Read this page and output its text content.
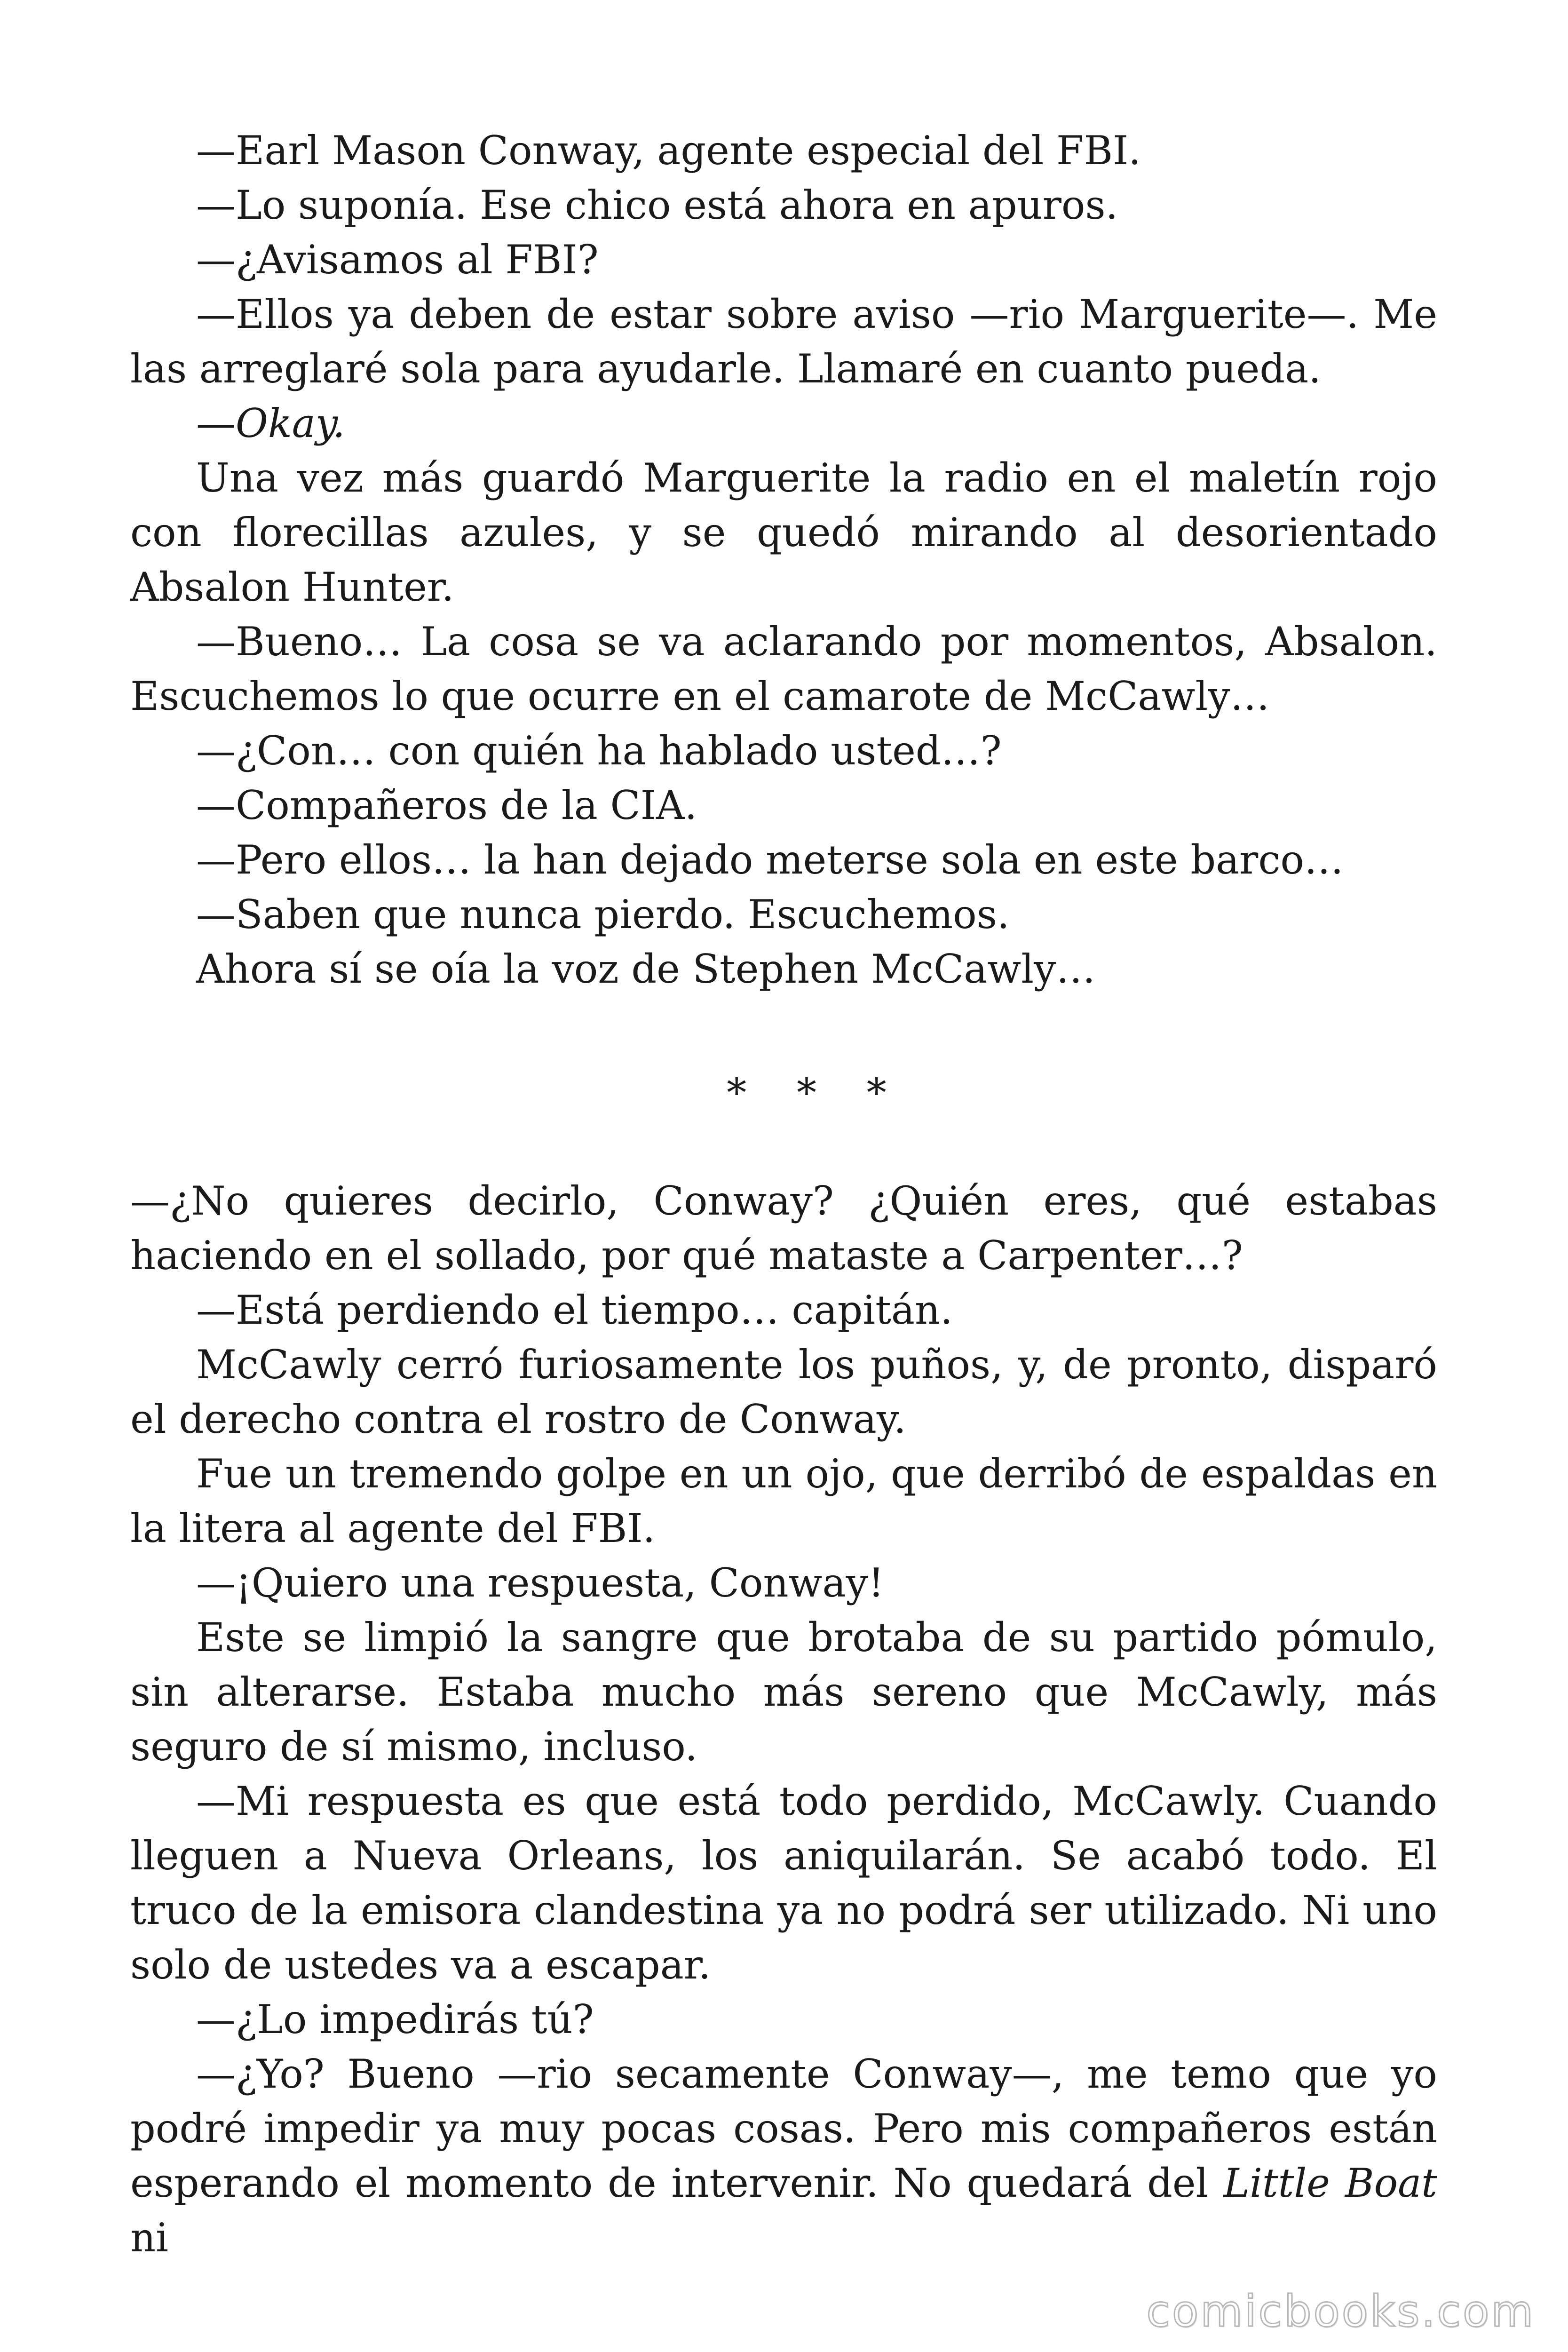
—Earl Mason Conway, agente especial del FBI.

—Lo suponía. Ese chico está ahora en apuros.

—¿Avisamos al FBI?

—Ellos ya deben de estar sobre aviso —rio Marguerite—. Me las arreglaré sola para ayudarle. Llamaré en cuanto pueda.

—Okay.

Una vez más guardó Marguerite la radio en el maletín rojo con florecillas azules, y se quedó mirando al desorientado Absalon Hunter.

—Bueno… La cosa se va aclarando por momentos, Absalon. Escuchemos lo que ocurre en el camarote de McCawly…

—¿Con… con quién ha hablado usted…?

—Compañeros de la CIA.

—Pero ellos… la han dejado meterse sola en este barco…

—Saben que nunca pierdo. Escuchemos.

Ahora sí se oía la voz de Stephen McCawly…

* * *

—¿No quieres decirlo, Conway? ¿Quién eres, qué estabas haciendo en el sollado, por qué mataste a Carpenter…?

—Está perdiendo el tiempo… capitán.

McCawly cerró furiosamente los puños, y, de pronto, disparó el derecho contra el rostro de Conway.

Fue un tremendo golpe en un ojo, que derribó de espaldas en la litera al agente del FBI.

—¡Quiero una respuesta, Conway!

Este se limpió la sangre que brotaba de su partido pómulo, sin alterarse. Estaba mucho más sereno que McCawly, más seguro de sí mismo, incluso.

—Mi respuesta es que está todo perdido, McCawly. Cuando lleguen a Nueva Orleans, los aniquilarán. Se acabó todo. El truco de la emisora clandestina ya no podrá ser utilizado. Ni uno solo de ustedes va a escapar.

—¿Lo impedirás tú?

—¿Yo? Bueno —rio secamente Conway—, me temo que yo podré impedir ya muy pocas cosas. Pero mis compañeros están esperando el momento de intervenir. No quedará del Little Boat ni

comicbooks.com
